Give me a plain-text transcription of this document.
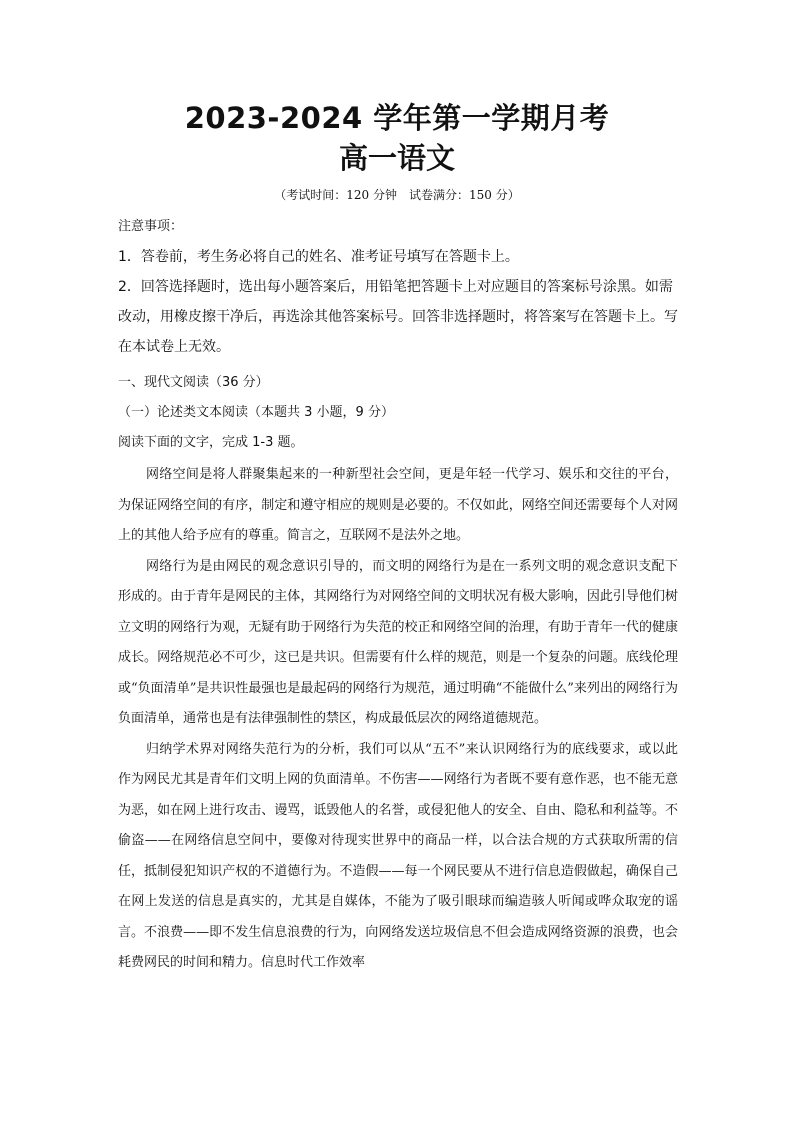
2023-2024 学年第一学期月考
高一语文
（考试时间：120 分钟　试卷满分：150 分）

注意事项：

1．答卷前，考生务必将自己的姓名、准考证号填写在答题卡上。

2．回答选择题时，选出每小题答案后，用铅笔把答题卡上对应题目的答案标号涂黑。如需改动，用橡皮擦干净后，再选涂其他答案标号。回答非选择题时，将答案写在答题卡上。写在本试卷上无效。

一、现代文阅读（36 分）

（一）论述类文本阅读（本题共 3 小题，9 分）

阅读下面的文字，完成 1-3 题。

网络空间是将人群聚集起来的一种新型社会空间，更是年轻一代学习、娱乐和交往的平台，为保证网络空间的有序，制定和遵守相应的规则是必要的。不仅如此，网络空间还需要每个人对网上的其他人给予应有的尊重。简言之，互联网不是法外之地。

网络行为是由网民的观念意识引导的，而文明的网络行为是在一系列文明的观念意识支配下形成的。由于青年是网民的主体，其网络行为对网络空间的文明状况有极大影响，因此引导他们树立文明的网络行为观，无疑有助于网络行为失范的校正和网络空间的治理，有助于青年一代的健康成长。网络规范必不可少，这已是共识。但需要有什么样的规范，则是一个复杂的问题。底线伦理或“负面清单”是共识性最强也是最起码的网络行为规范，通过明确“不能做什么”来列出的网络行为负面清单，通常也是有法律强制性的禁区，构成最低层次的网络道德规范。

归纳学术界对网络失范行为的分析，我们可以从“五不”来认识网络行为的底线要求，或以此作为网民尤其是青年们文明上网的负面清单。不伤害——网络行为者既不要有意作恶，也不能无意为恶，如在网上进行攻击、谩骂，诋毁他人的名誉，或侵犯他人的安全、自由、隐私和利益等。不偷盗——在网络信息空间中，要像对待现实世界中的商品一样，以合法合规的方式获取所需的信任，抵制侵犯知识产权的不道德行为。不造假——每一个网民要从不进行信息造假做起，确保自己在网上发送的信息是真实的，尤其是自媒体，不能为了吸引眼球而编造骇人听闻或哗众取宠的谣言。不浪费——即不发生信息浪费的行为，向网络发送垃圾信息不但会造成网络资源的浪费，也会耗费网民的时间和精力。信息时代工作效率
